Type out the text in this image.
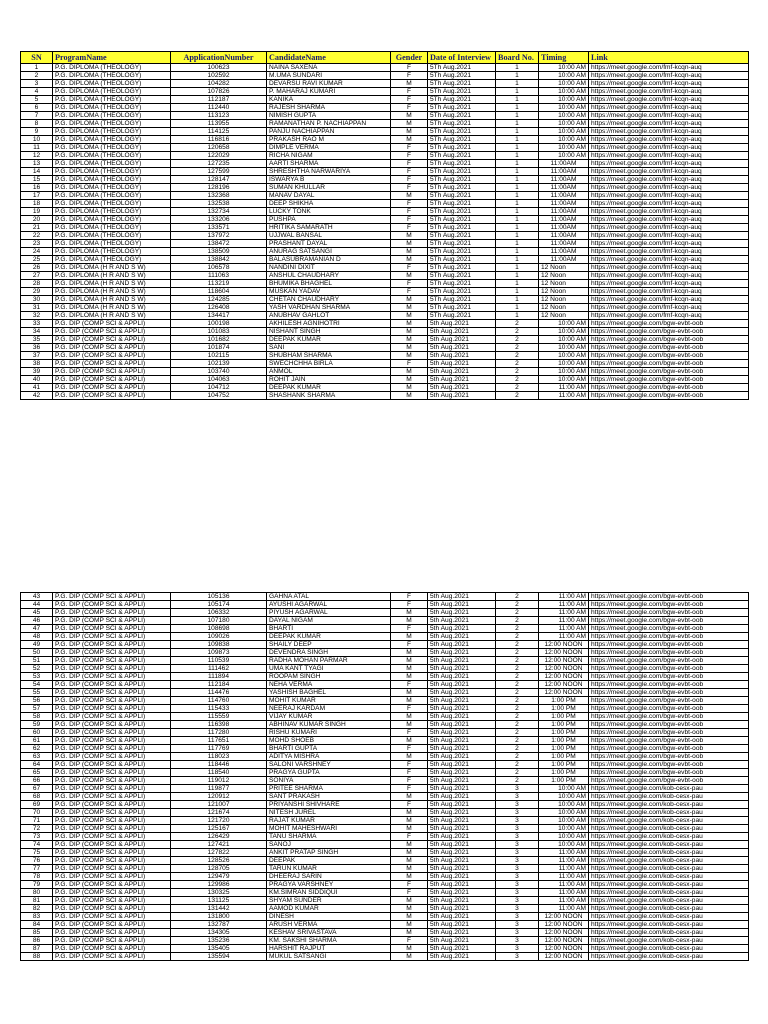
SN	ProgramName	ApplicationNumber	CandidateName	Gender	Date of Interview	Board No.	Timing	Link
1	P.G. DIPLOMA (THEOLOGY)	100623	NAINA SAXENA	F	5Th Aug.2021	1	10:00 AM	https://meet.google.com/fmf-kcqn-auq
2	P.G. DIPLOMA (THEOLOGY)	102592	M.UMA SUNDARI	F	5Th Aug.2021	1	10:00 AM	https://meet.google.com/fmf-kcqn-auq
3	P.G. DIPLOMA (THEOLOGY)	104282	DEVARSU RAVI KUMAR	M	5Th Aug.2021	1	10:00 AM	https://meet.google.com/fmf-kcqn-auq
4	P.G. DIPLOMA (THEOLOGY)	107826	P. MAHARAJ KUMARI	F	5Th Aug.2021	1	10:00 AM	https://meet.google.com/fmf-kcqn-auq
5	P.G. DIPLOMA (THEOLOGY)	112187	KANIKA	F	5Th Aug.2021	1	10:00 AM	https://meet.google.com/fmf-kcqn-auq
6	P.G. DIPLOMA (THEOLOGY)	112440	RAJESH SHARMA	F	5Th Aug.2021	1	10:00 AM	https://meet.google.com/fmf-kcqn-auq
7	P.G. DIPLOMA (THEOLOGY)	113123	NIMISH GUPTA	M	5Th Aug.2021	1	10:00 AM	https://meet.google.com/fmf-kcqn-auq
8	P.G. DIPLOMA (THEOLOGY)	113955	RAMANATHAN P. NACHIAPPAN	M	5Th Aug.2021	1	10:00 AM	https://meet.google.com/fmf-kcqn-auq
9	P.G. DIPLOMA (THEOLOGY)	114125	PANJU NACHIAPPAN	M	5Th Aug.2021	1	10:00 AM	https://meet.google.com/fmf-kcqn-auq
10	P.G. DIPLOMA (THEOLOGY)	116816	PRAKASH RAO M	M	5Th Aug.2021	1	10:00 AM	https://meet.google.com/fmf-kcqn-auq
11	P.G. DIPLOMA (THEOLOGY)	120658	DIMPLE VERMA	F	5Th Aug.2021	1	10:00 AM	https://meet.google.com/fmf-kcqn-auq
12	P.G. DIPLOMA (THEOLOGY)	122029	RICHA NIGAM	F	5Th Aug.2021	1	10:00 AM	https://meet.google.com/fmf-kcqn-auq
13	P.G. DIPLOMA (THEOLOGY)	127235	AARTI SHARMA	F	5Th Aug.2021	1	11:00AM	https://meet.google.com/fmf-kcqn-auq
14	P.G. DIPLOMA (THEOLOGY)	127599	SHRESHTHA NARWARIYA	F	5Th Aug.2021	1	11:00AM	https://meet.google.com/fmf-kcqn-auq
15	P.G. DIPLOMA (THEOLOGY)	128147	ISWARYA B	F	5Th Aug.2021	1	11:00AM	https://meet.google.com/fmf-kcqn-auq
16	P.G. DIPLOMA (THEOLOGY)	128196	SUMAN KHULLAR	F	5Th Aug.2021	1	11:00AM	https://meet.google.com/fmf-kcqn-auq
17	P.G. DIPLOMA (THEOLOGY)	132368	MANAV DAYAL	M	5Th Aug.2021	1	11:00AM	https://meet.google.com/fmf-kcqn-auq
18	P.G. DIPLOMA (THEOLOGY)	132538	DEEP SHIKHA	F	5Th Aug.2021	1	11:00AM	https://meet.google.com/fmf-kcqn-auq
19	P.G. DIPLOMA (THEOLOGY)	132734	LUCKY TONK	F	5Th Aug.2021	1	11:00AM	https://meet.google.com/fmf-kcqn-auq
20	P.G. DIPLOMA (THEOLOGY)	133206	PUSHPA	F	5Th Aug.2021	1	11:00AM	https://meet.google.com/fmf-kcqn-auq
21	P.G. DIPLOMA (THEOLOGY)	133571	HRITIKA SAMARATH	F	5Th Aug.2021	1	11:00AM	https://meet.google.com/fmf-kcqn-auq
22	P.G. DIPLOMA (THEOLOGY)	137972	UJJWAL BANSAL	M	5Th Aug.2021	1	11:00AM	https://meet.google.com/fmf-kcqn-auq
23	P.G. DIPLOMA (THEOLOGY)	138472	PRASHANT DAYAL	M	5Th Aug.2021	1	11:00AM	https://meet.google.com/fmf-kcqn-auq
24	P.G. DIPLOMA (THEOLOGY)	138509	ANURAG SATSANGI	M	5Th Aug.2021	1	11:00AM	https://meet.google.com/fmf-kcqn-auq
25	P.G. DIPLOMA (THEOLOGY)	138842	BALASUBRAMANIAN D	M	5Th Aug.2021	1	11:00AM	https://meet.google.com/fmf-kcqn-auq
26	P.G. DIPLOMA (H R AND S W)	106578	NANDINI DIXIT	F	5Th Aug.2021	1	12 Noon	https://meet.google.com/fmf-kcqn-auq
27	P.G. DIPLOMA (H R AND S W)	111063	ANSHUL CHAUDHARY	M	5Th Aug.2021	1	12 Noon	https://meet.google.com/fmf-kcqn-auq
28	P.G. DIPLOMA (H R AND S W)	113219	BHUMIKA BHAGHEL	F	5Th Aug.2021	1	12 Noon	https://meet.google.com/fmf-kcqn-auq
29	P.G. DIPLOMA (H R AND S W)	118604	MUSKAN YADAV	F	5Th Aug.2021	1	12 Noon	https://meet.google.com/fmf-kcqn-auq
30	P.G. DIPLOMA (H R AND S W)	124285	CHETAN CHAUDHARY	M	5Th Aug.2021	1	12 Noon	https://meet.google.com/fmf-kcqn-auq
31	P.G. DIPLOMA (H R AND S W)	126408	YASH VARDHAN SHARMA	M	5Th Aug.2021	1	12 Noon	https://meet.google.com/fmf-kcqn-auq
32	P.G. DIPLOMA (H R AND S W)	134417	ANUBHAV GAHLOT	M	5Th Aug.2021	1	12 Noon	https://meet.google.com/fmf-kcqn-auq
33	P.G. DIP (COMP SCI & APPLI)	100198	AKHILESH AGNIHOTRI	M	5th Aug.2021	2	10:00 AM	https://meet.google.com/bgw-evbt-oob
34	P.G. DIP (COMP SCI & APPLI)	101083	NISHANT SINGH	M	5th Aug.2021	2	10:00 AM	https://meet.google.com/bgw-evbt-oob
35	P.G. DIP (COMP SCI & APPLI)	101682	DEEPAK KUMAR	M	5th Aug.2021	2	10:00 AM	https://meet.google.com/bgw-evbt-oob
36	P.G. DIP (COMP SCI & APPLI)	101874	SANI	M	5th Aug.2021	2	10:00 AM	https://meet.google.com/bgw-evbt-oob
37	P.G. DIP (COMP SCI & APPLI)	102115	SHUBHAM SHARMA	M	5th Aug.2021	2	10:00 AM	https://meet.google.com/bgw-evbt-oob
38	P.G. DIP (COMP SCI & APPLI)	102139	SWECHCHHA BIRLA	F	5th Aug.2021	2	10:00 AM	https://meet.google.com/bgw-evbt-oob
39	P.G. DIP (COMP SCI & APPLI)	103740	ANMOL	M	5th Aug.2021	2	10:00 AM	https://meet.google.com/bgw-evbt-oob
40	P.G. DIP (COMP SCI & APPLI)	104063	ROHIT JAIN	M	5th Aug.2021	2	10:00 AM	https://meet.google.com/bgw-evbt-oob
41	P.G. DIP (COMP SCI & APPLI)	104712	DEEPAK KUMAR	M	5th Aug.2021	2	11:00 AM	https://meet.google.com/bgw-evbt-oob
42	P.G. DIP (COMP SCI & APPLI)	104752	SHASHANK SHARMA	M	5th Aug.2021	2	11:00 AM	https://meet.google.com/bgw-evbt-oob
43	P.G. DIP (COMP SCI & APPLI)	105136	GAHNA ATAL	F	5th Aug.2021	2	11:00 AM	https://meet.google.com/bgw-evbt-oob
44	P.G. DIP (COMP SCI & APPLI)	105174	AYUSHI AGARWAL	F	5th Aug.2021	2	11:00 AM	https://meet.google.com/bgw-evbt-oob
45	P.G. DIP (COMP SCI & APPLI)	106332	PIYUSH AGARWAL	M	5th Aug.2021	2	11:00 AM	https://meet.google.com/bgw-evbt-oob
46	P.G. DIP (COMP SCI & APPLI)	107180	DAYAL NIGAM	M	5th Aug.2021	2	11:00 AM	https://meet.google.com/bgw-evbt-oob
47	P.G. DIP (COMP SCI & APPLI)	108698	BHARTI	F	5th Aug.2021	2	11:00 AM	https://meet.google.com/bgw-evbt-oob
48	P.G. DIP (COMP SCI & APPLI)	109026	DEEPAK KUMAR	M	5th Aug.2021	2	11:00 AM	https://meet.google.com/bgw-evbt-oob
49	P.G. DIP (COMP SCI & APPLI)	109838	SHAILY DEEP	F	5th Aug.2021	2	12:00 NOON	https://meet.google.com/bgw-evbt-oob
50	P.G. DIP (COMP SCI & APPLI)	109873	DEVENDRA SINGH	M	5th Aug.2021	2	12:00 NOON	https://meet.google.com/bgw-evbt-oob
51	P.G. DIP (COMP SCI & APPLI)	110539	RADHA MOHAN PARMAR	M	5th Aug.2021	2	12:00 NOON	https://meet.google.com/bgw-evbt-oob
52	P.G. DIP (COMP SCI & APPLI)	111462	UMA KANT TYAGI	M	5th Aug.2021	2	12:00 NOON	https://meet.google.com/bgw-evbt-oob
53	P.G. DIP (COMP SCI & APPLI)	111894	ROOPAM SINGH	M	5th Aug.2021	2	12:00 NOON	https://meet.google.com/bgw-evbt-oob
54	P.G. DIP (COMP SCI & APPLI)	112184	NEHA VERMA	F	5th Aug.2021	2	12:00 NOON	https://meet.google.com/bgw-evbt-oob
55	P.G. DIP (COMP SCI & APPLI)	114476	YASHISH BAGHEL	M	5th Aug.2021	2	12:00 NOON	https://meet.google.com/bgw-evbt-oob
56	P.G. DIP (COMP SCI & APPLI)	114760	MOHIT KUMAR	M	5th Aug.2021	2	1:00 PM	https://meet.google.com/bgw-evbt-oob
57	P.G. DIP (COMP SCI & APPLI)	115433	NEERAJ KARDAM	F	5th Aug.2021	2	1:00 PM	https://meet.google.com/bgw-evbt-oob
58	P.G. DIP (COMP SCI & APPLI)	115559	VIJAY KUMAR	M	5th Aug.2021	2	1:00 PM	https://meet.google.com/bgw-evbt-oob
59	P.G. DIP (COMP SCI & APPLI)	116398	ABHINAV KUMAR SINGH	M	5th Aug.2021	2	1:00 PM	https://meet.google.com/bgw-evbt-oob
60	P.G. DIP (COMP SCI & APPLI)	117280	RISHU KUMARI	F	5th Aug.2021	2	1:00 PM	https://meet.google.com/bgw-evbt-oob
61	P.G. DIP (COMP SCI & APPLI)	117651	MOHD SHOEB	M	5th Aug.2021	2	1:00 PM	https://meet.google.com/bgw-evbt-oob
62	P.G. DIP (COMP SCI & APPLI)	117769	BHARTI GUPTA	F	5th Aug.2021	2	1:00 PM	https://meet.google.com/bgw-evbt-oob
63	P.G. DIP (COMP SCI & APPLI)	118023	ADITYA MISHRA	M	5th Aug.2021	2	1:00 PM	https://meet.google.com/bgw-evbt-oob
64	P.G. DIP (COMP SCI & APPLI)	118446	SALONI VARSHNEY	F	5th Aug.2021	2	1:00 PM	https://meet.google.com/bgw-evbt-oob
65	P.G. DIP (COMP SCI & APPLI)	118540	PRAGYA GUPTA	F	5th Aug.2021	2	1:00 PM	https://meet.google.com/bgw-evbt-oob
66	P.G. DIP (COMP SCI & APPLI)	119012	SONIYA	F	5th Aug.2021	2	1:00 PM	https://meet.google.com/bgw-evbt-oob
67	P.G. DIP (COMP SCI & APPLI)	119877	PRITEE SHARMA	F	5th Aug.2021	3	10:00 AM	https://meet.google.com/kob-cesx-pau
68	P.G. DIP (COMP SCI & APPLI)	120912	SANT PRAKASH	M	5th Aug.2021	3	10:00 AM	https://meet.google.com/kob-cesx-pau
69	P.G. DIP (COMP SCI & APPLI)	121007	PRIYANSHI SHIVHARE	F	5th Aug.2021	3	10:00 AM	https://meet.google.com/kob-cesx-pau
70	P.G. DIP (COMP SCI & APPLI)	121674	NITESH JUREL	M	5th Aug.2021	3	10:00 AM	https://meet.google.com/kob-cesx-pau
71	P.G. DIP (COMP SCI & APPLI)	121720	RAJAT KUMAR	M	5th Aug.2021	3	10:00 AM	https://meet.google.com/kob-cesx-pau
72	P.G. DIP (COMP SCI & APPLI)	125167	MOHIT MAHESHWARI	M	5th Aug.2021	3	10:00 AM	https://meet.google.com/kob-cesx-pau
73	P.G. DIP (COMP SCI & APPLI)	126429	TANU SHARMA	F	5th Aug.2021	3	10:00 AM	https://meet.google.com/kob-cesx-pau
74	P.G. DIP (COMP SCI & APPLI)	127421	SANOJ	M	5th Aug.2021	3	10:00 AM	https://meet.google.com/kob-cesx-pau
75	P.G. DIP (COMP SCI & APPLI)	127822	ANKIT PRATAP SINGH	M	5th Aug.2021	3	11:00 AM	https://meet.google.com/kob-cesx-pau
76	P.G. DIP (COMP SCI & APPLI)	128526	DEEPAK	M	5th Aug.2021	3	11:00 AM	https://meet.google.com/kob-cesx-pau
77	P.G. DIP (COMP SCI & APPLI)	128705	TARUN KUMAR	M	5th Aug.2021	3	11:00 AM	https://meet.google.com/kob-cesx-pau
78	P.G. DIP (COMP SCI & APPLI)	129479	DHEERAJ SARIN	M	5th Aug.2021	3	11:00 AM	https://meet.google.com/kob-cesx-pau
79	P.G. DIP (COMP SCI & APPLI)	129986	PRAGYA VARSHNEY	F	5th Aug.2021	3	11:00 AM	https://meet.google.com/kob-cesx-pau
80	P.G. DIP (COMP SCI & APPLI)	130325	KM.SIMRAN SIDDIQUI	F	5th Aug.2021	3	11:00 AM	https://meet.google.com/kob-cesx-pau
81	P.G. DIP (COMP SCI & APPLI)	131125	SHYAM SUNDER	M	5th Aug.2021	3	11:00 AM	https://meet.google.com/kob-cesx-pau
82	P.G. DIP (COMP SCI & APPLI)	131442	AAMOD KUMAR	M	5th Aug.2021	3	11:00 AM	https://meet.google.com/kob-cesx-pau
83	P.G. DIP (COMP SCI & APPLI)	131800	DINESH	M	5th Aug.2021	3	12:00 NOON	https://meet.google.com/kob-cesx-pau
84	P.G. DIP (COMP SCI & APPLI)	132787	ARUSH VERMA	M	5th Aug.2021	3	12:00 NOON	https://meet.google.com/kob-cesx-pau
85	P.G. DIP (COMP SCI & APPLI)	134305	KESHAV SRIVASTAVA	M	5th Aug.2021	3	12:00 NOON	https://meet.google.com/kob-cesx-pau
86	P.G. DIP (COMP SCI & APPLI)	135236	KM. SAKSHI SHARMA	F	5th Aug.2021	3	12:00 NOON	https://meet.google.com/kob-cesx-pau
87	P.G. DIP (COMP SCI & APPLI)	135405	HARSHIT RAJPUT	M	5th Aug.2021	3	12:00 NOON	https://meet.google.com/kob-cesx-pau
88	P.G. DIP (COMP SCI & APPLI)	135594	MUKUL SATSANGI	M	5th Aug.2021	3	12:00 NOON	https://meet.google.com/kob-cesx-pau
